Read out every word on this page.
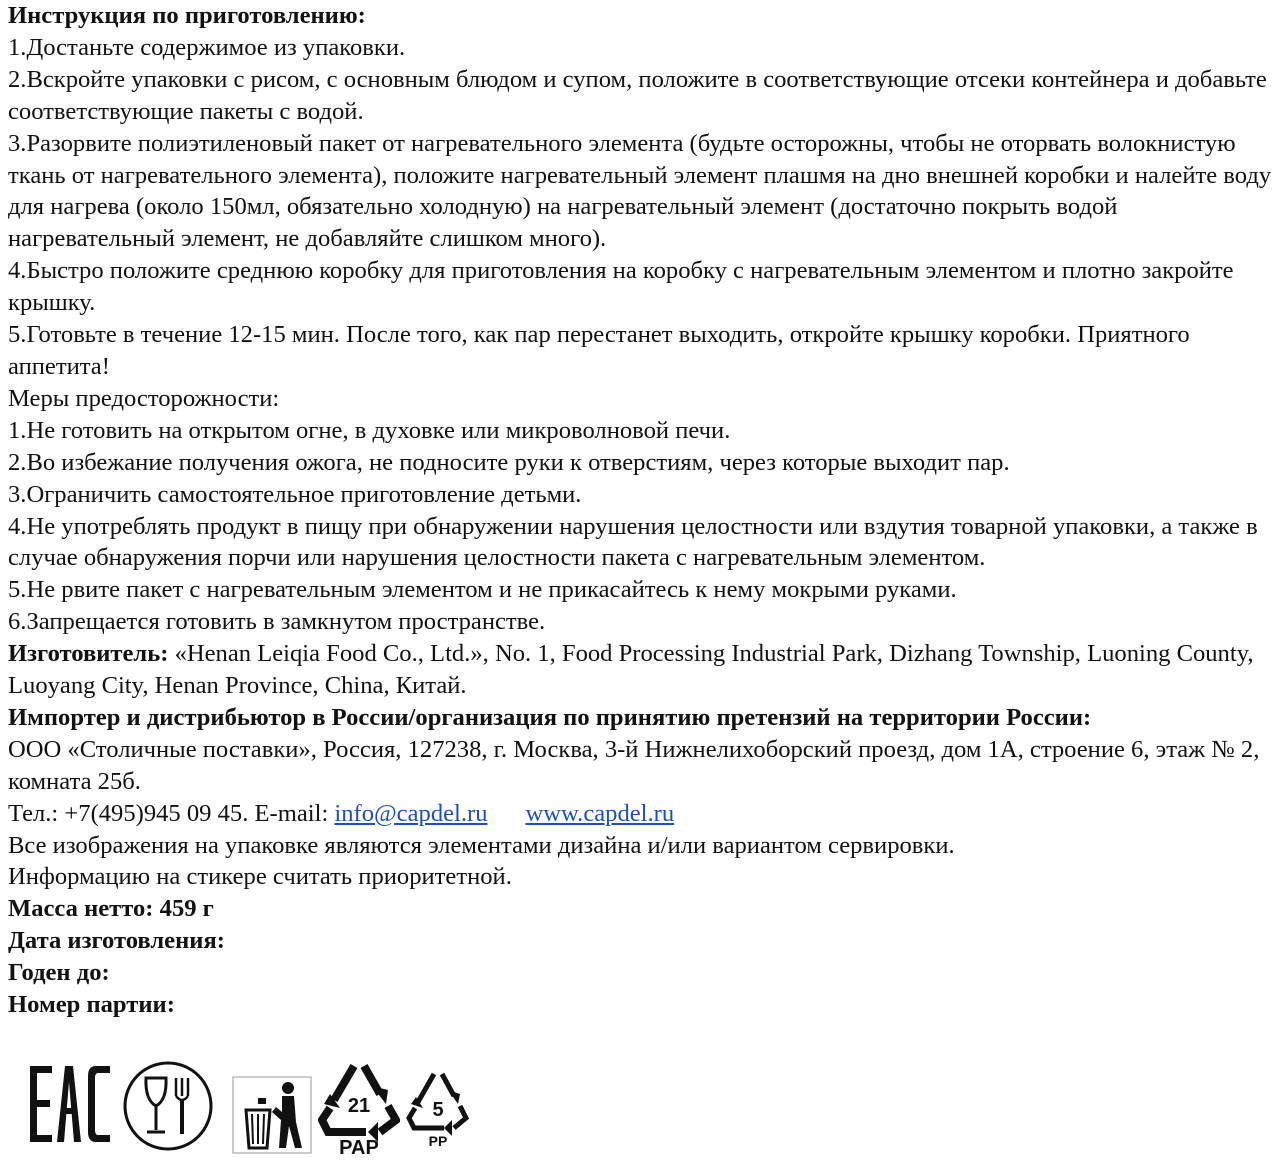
Инструкция по приготовлению:

1.Достаньте содержимое из упаковки.

2.Вскройте упаковки с рисом, с основным блюдом и супом, положите в соответствующие отсеки контейнера и добавьте соответствующие пакеты с водой.

3.Разорвите полиэтиленовый пакет от нагревательного элемента (будьте осторожны, чтобы не оторвать волокнистую ткань от нагревательного элемента), положите нагревательный элемент плашмя на дно внешней коробки и налейте воду для нагрева (около 150мл, обязательно холодную) на нагревательный элемент (достаточно покрыть водой нагревательный элемент, не добавляйте слишком много).

4.Быстро положите среднюю коробку для приготовления на коробку с нагревательным элементом и плотно закройте крышку.

5.Готовьте в течение 12-15 мин. После того, как пар перестанет выходить, откройте крышку коробки. Приятного аппетита!

Меры предосторожности:

1.Не готовить на открытом огне, в духовке или микроволновой печи.

2.Во избежание получения ожога, не подносите руки к отверстиям, через которые выходит пар.

3.Ограничить самостоятельное приготовление детьми.

4.Не употреблять продукт в пищу при обнаружении нарушения целостности или вздутия товарной упаковки, а также в случае обнаружения порчи или нарушения целостности пакета с нагревательным элементом.

5.Не рвите пакет с нагревательным элементом и не прикасайтесь к нему мокрыми руками.

6.Запрещается готовить в замкнутом пространстве.

Изготовитель: «Henan Leiqia Food Co., Ltd.», No. 1, Food Processing Industrial Park, Dizhang Township, Luoning County, Luoyang City, Henan Province, China, Китай.

Импортер и дистрибьютор в России/организация по принятию претензий на территории России:

ООО «Столичные поставки», Россия, 127238, г. Москва, 3-й Нижнелихоборский проезд, дом 1А, строение 6, этаж № 2, комната 25б.

Тел.: +7(495)945 09 45. E-mail: info@capdel.ru www.capdel.ru

Все изображения на упаковке являются элементами дизайна и/или вариантом сервировки.

Информацию на стикере считать приоритетной.

Масса нетто: 459 г

Дата изготовления:

Годен до:

Номер партии:

21
PAP
5
PP
